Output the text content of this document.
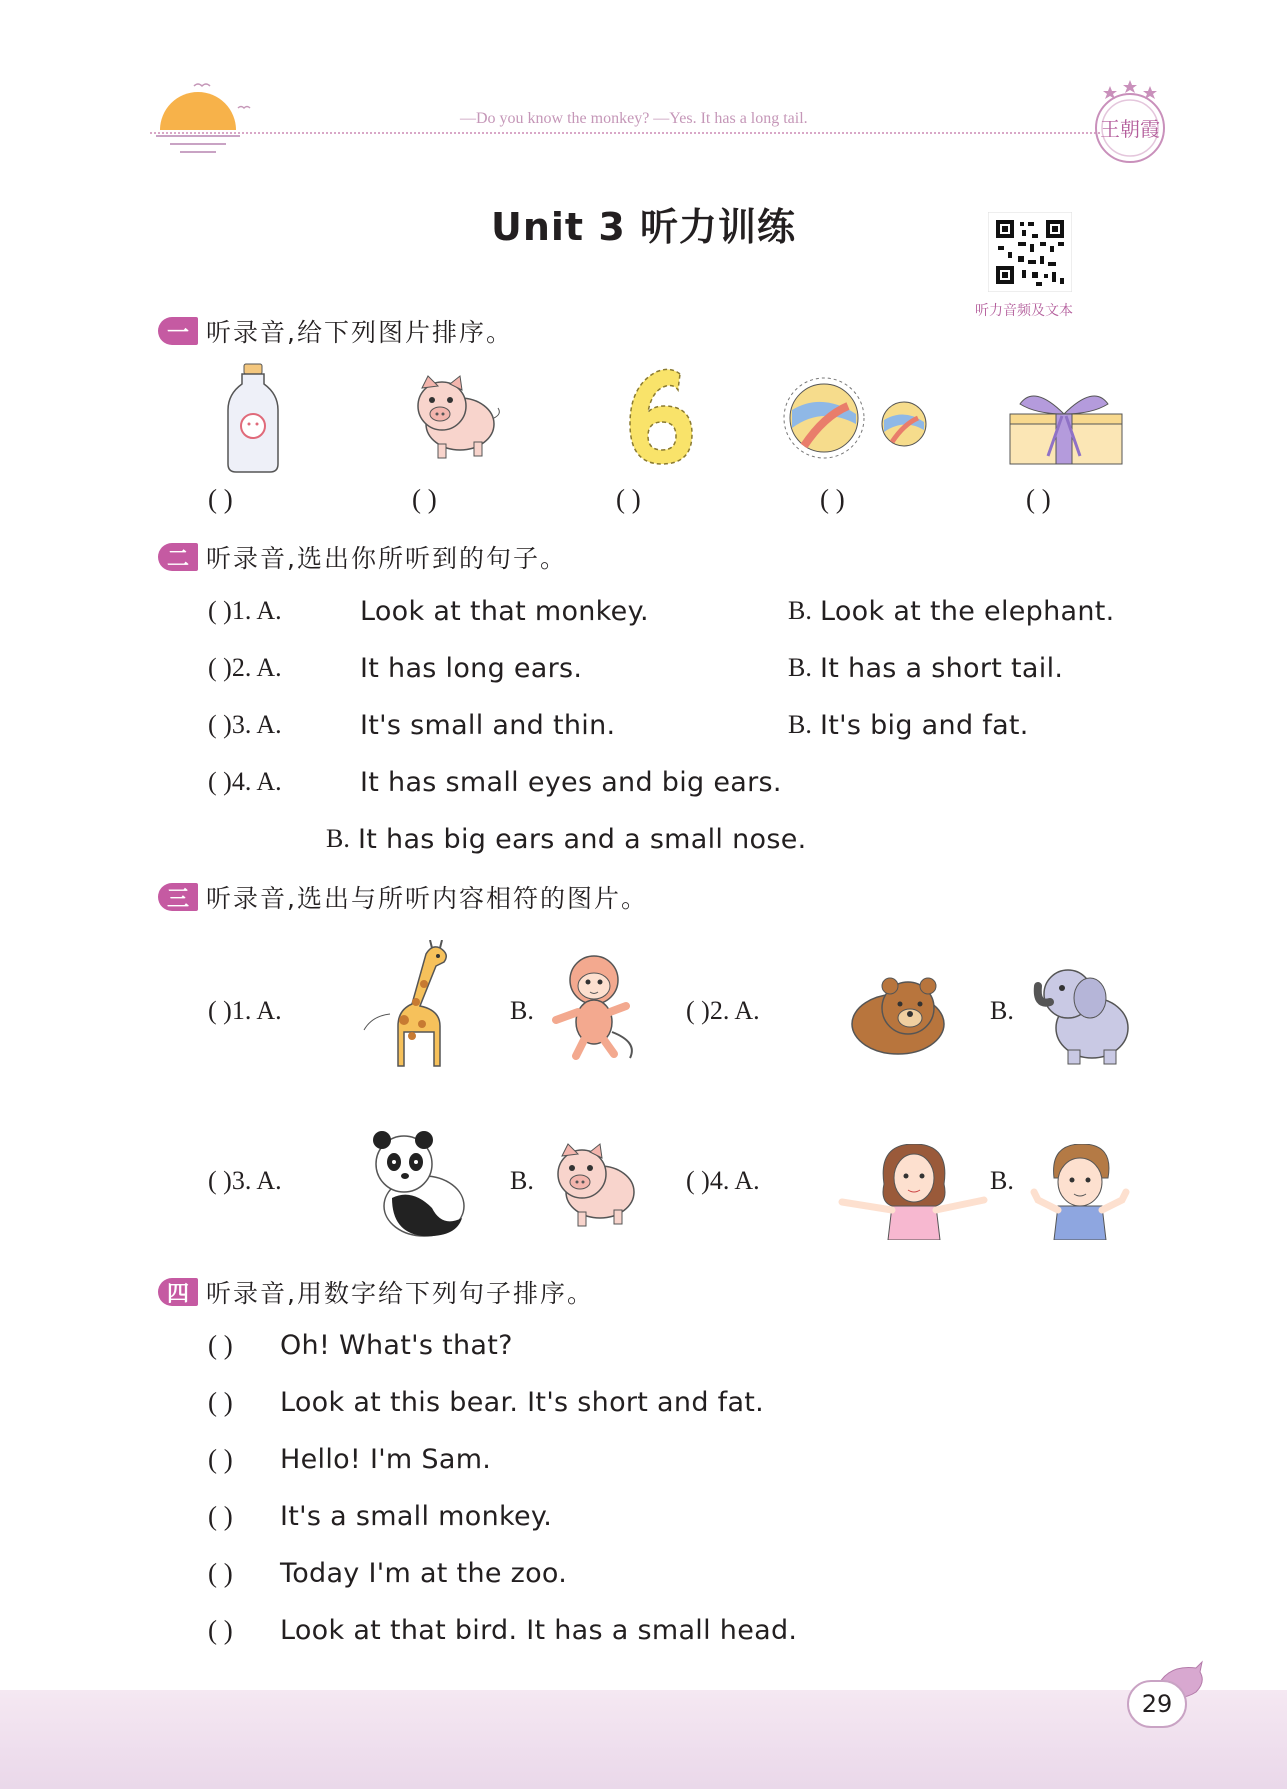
—Do you know the monkey? —Yes. It has a long tail.	王朝霞
Unit 3 听力训练
听力音频及文本
一 听录音,给下列图片排序。
( )	( )	( )	( )	( )
二 听录音,选出你所听到的句子。
( )1. A.	Look at that monkey.	B. Look at the elephant.
( )2. A.	It has long ears.	B. It has a short tail.
( )3. A.	It's small and thin.	B. It's big and fat.
( )4. A.	It has small eyes and big ears.
B. It has big ears and a small nose.
三 听录音,选出与所听内容相符的图片。
( )1. A.	B.	( )2. A.	B.
( )3. A.	B.	( )4. A.	B.
四 听录音,用数字给下列句子排序。
( )	Oh! What's that?
( )	Look at this bear. It's short and fat.
( )	Hello! I'm Sam.
( )	It's a small monkey.
( )	Today I'm at the zoo.
( )	Look at that bird. It has a small head.
29
